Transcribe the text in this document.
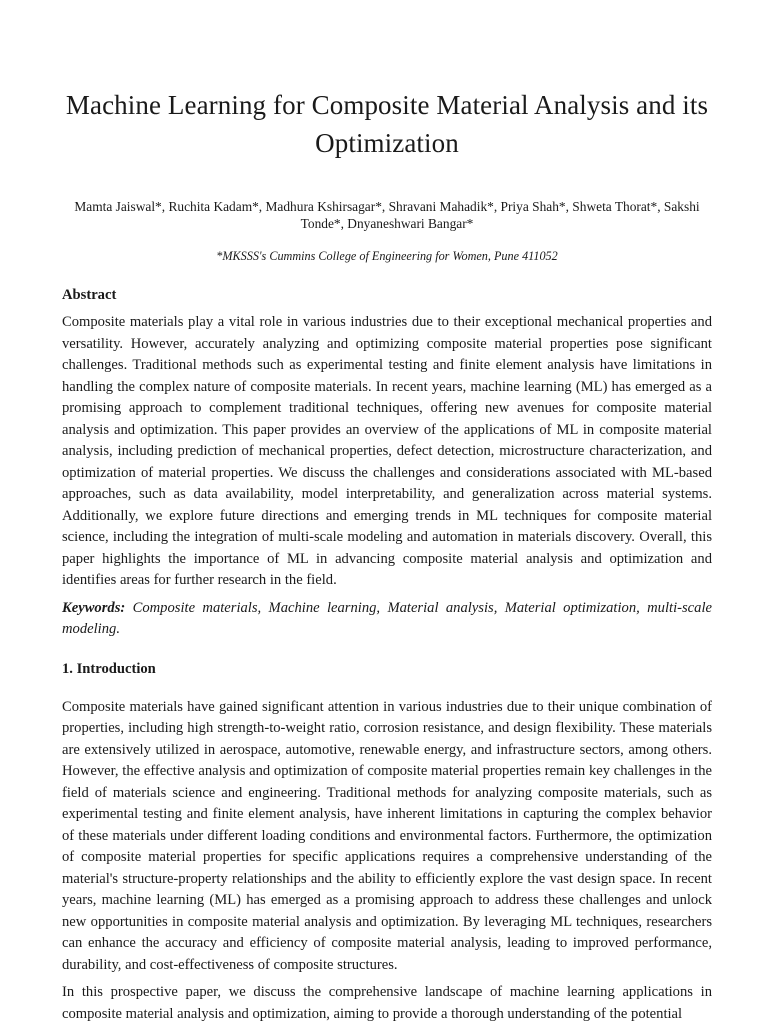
Machine Learning for Composite Material Analysis and its Optimization

Mamta Jaiswal*, Ruchita Kadam*, Madhura Kshirsagar*, Shravani Mahadik*, Priya Shah*, Shweta Thorat*, Sakshi Tonde*, Dnyaneshwari Bangar*

*MKSSS's Cummins College of Engineering for Women, Pune 411052

Abstract

Composite materials play a vital role in various industries due to their exceptional mechanical properties and versatility. However, accurately analyzing and optimizing composite material properties pose significant challenges. Traditional methods such as experimental testing and finite element analysis have limitations in handling the complex nature of composite materials. In recent years, machine learning (ML) has emerged as a promising approach to complement traditional techniques, offering new avenues for composite material analysis and optimization. This paper provides an overview of the applications of ML in composite material analysis, including prediction of mechanical properties, defect detection, microstructure characterization, and optimization of material properties. We discuss the challenges and considerations associated with ML-based approaches, such as data availability, model interpretability, and generalization across material systems. Additionally, we explore future directions and emerging trends in ML techniques for composite material science, including the integration of multi-scale modeling and automation in materials discovery. Overall, this paper highlights the importance of ML in advancing composite material analysis and optimization and identifies areas for further research in the field.

Keywords: Composite materials, Machine learning, Material analysis, Material optimization, multi-scale modeling.

1. Introduction

Composite materials have gained significant attention in various industries due to their unique combination of properties, including high strength-to-weight ratio, corrosion resistance, and design flexibility. These materials are extensively utilized in aerospace, automotive, renewable energy, and infrastructure sectors, among others. However, the effective analysis and optimization of composite material properties remain key challenges in the field of materials science and engineering. Traditional methods for analyzing composite materials, such as experimental testing and finite element analysis, have inherent limitations in capturing the complex behavior of these materials under different loading conditions and environmental factors. Furthermore, the optimization of composite material properties for specific applications requires a comprehensive understanding of the material's structure-property relationships and the ability to efficiently explore the vast design space. In recent years, machine learning (ML) has emerged as a promising approach to address these challenges and unlock new opportunities in composite material analysis and optimization. By leveraging ML techniques, researchers can enhance the accuracy and efficiency of composite material analysis, leading to improved performance, durability, and cost-effectiveness of composite structures.

In this prospective paper, we discuss the comprehensive landscape of machine learning applications in composite material analysis and optimization, aiming to provide a thorough understanding of the potential
